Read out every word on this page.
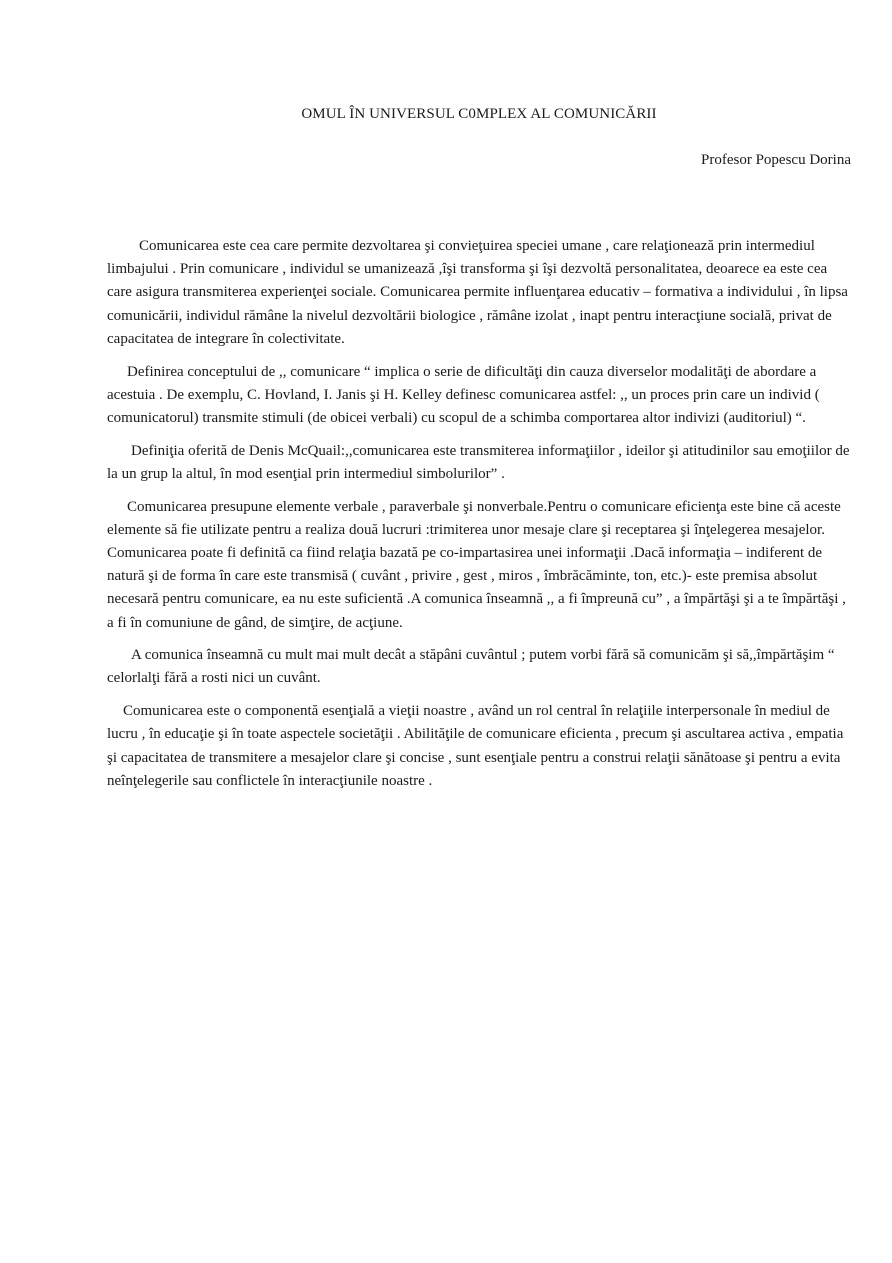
OMUL ÎN UNIVERSUL C0MPLEX AL COMUNICĂRII

Profesor Popescu Dorina

Comunicarea este cea care permite dezvoltarea şi convieţuirea speciei umane , care relaţionează prin intermediul limbajului . Prin comunicare , individul se umanizează ,îşi transforma şi îşi dezvoltă personalitatea, deoarece ea este cea care asigura transmiterea experienţei sociale. Comunicarea permite influenţarea educativ – formativa a individului , în lipsa comunicării, individul rămâne la nivelul dezvoltării biologice , rămâne izolat , inapt pentru interacţiune socială, privat de capacitatea de integrare în colectivitate.

Definirea conceptului de ,, comunicare “ implica o serie de dificultăţi din cauza diverselor modalităţi de abordare a acestuia . De exemplu, C. Hovland, I. Janis şi H. Kelley definesc comunicarea astfel: ,, un proces prin care un individ ( comunicatorul) transmite stimuli (de obicei verbali) cu scopul de a schimba comportarea altor indivizi (auditoriul) “.

Definiţia oferită de Denis McQuail:,,comunicarea este transmiterea informaţiilor , ideilor şi atitudinilor sau emoţiilor de la un grup la altul, în mod esenţial prin intermediul simbolurilor” .

Comunicarea presupune elemente verbale , paraverbale şi nonverbale.Pentru o comunicare eficienţa este bine că aceste elemente să fie utilizate pentru a realiza două lucruri :trimiterea unor mesaje clare şi receptarea şi înţelegerea mesajelor. Comunicarea poate fi definită ca fiind relaţia bazată pe co-impartasirea unei informaţii .Dacă informaţia – indiferent de natură şi de forma în care este transmisă ( cuvânt , privire , gest , miros , îmbrăcăminte, ton, etc.)- este premisa absolut necesară pentru comunicare, ea nu este suficientă .A comunica înseamnă ,, a fi împreună cu” , a împărtăşi şi a te împărtăşi , a fi în comuniune de gând, de simţire, de acţiune.

A comunica înseamnă cu mult mai mult decât a stăpâni cuvântul ; putem vorbi fără să comunicăm şi să,,împărtăşim “ celorlalţi fără a rosti nici un cuvânt.

Comunicarea este o componentă esenţială a vieţii noastre , având un rol central în relaţiile interpersonale în mediul de lucru , în educaţie şi în toate aspectele societăţii . Abilităţile de comunicare eficienta , precum şi ascultarea activa , empatia şi capacitatea de transmitere a mesajelor clare şi concise , sunt esenţiale pentru a construi relaţii sănătoase şi pentru a evita neînţelegerile sau conflictele în interacţiunile noastre .
